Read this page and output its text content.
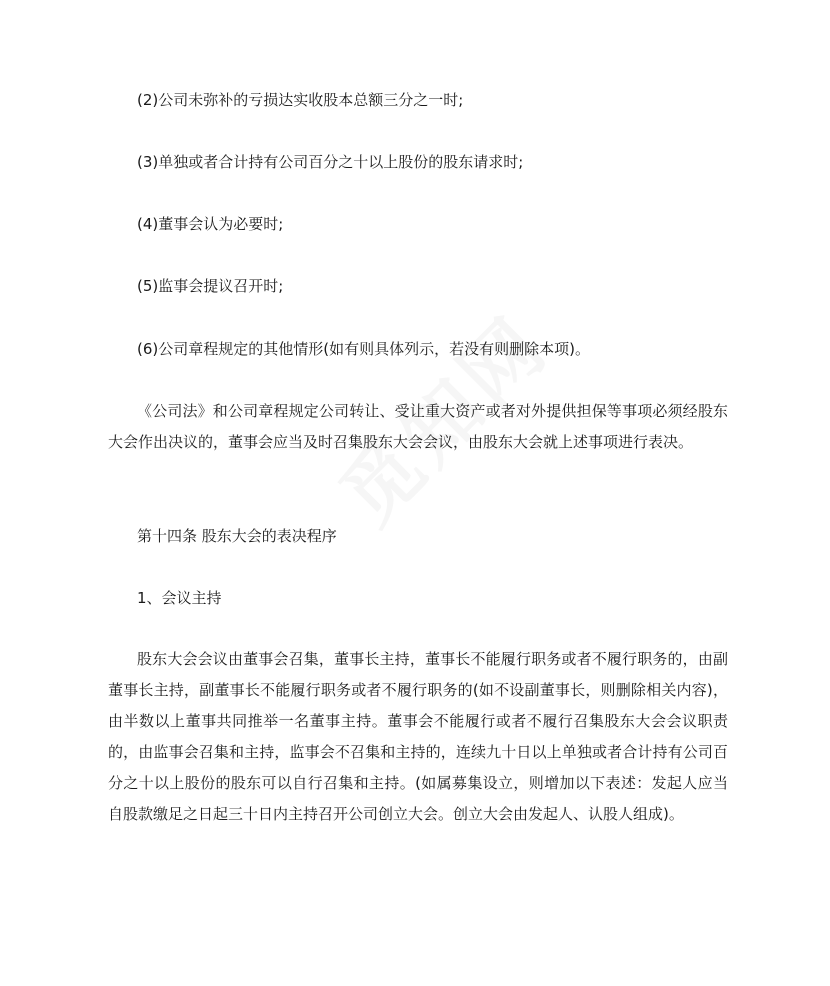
(2)公司未弥补的亏损达实收股本总额三分之一时;
(3)单独或者合计持有公司百分之十以上股份的股东请求时;
(4)董事会认为必要时;
(5)监事会提议召开时;
(6)公司章程规定的其他情形(如有则具体列示，若没有则删除本项)。

《公司法》和公司章程规定公司转让、受让重大资产或者对外提供担保等事项必须经股东大会作出决议的，董事会应当及时召集股东大会会议，由股东大会就上述事项进行表决。

第十四条 股东大会的表决程序
1、会议主持

股东大会会议由董事会召集，董事长主持，董事长不能履行职务或者不履行职务的，由副董事长主持，副董事长不能履行职务或者不履行职务的(如不设副董事长，则删除相关内容)，由半数以上董事共同推举一名董事主持。董事会不能履行或者不履行召集股东大会会议职责的，由监事会召集和主持，监事会不召集和主持的，连续九十日以上单独或者合计持有公司百分之十以上股份的股东可以自行召集和主持。(如属募集设立，则增加以下表述：发起人应当自股款缴足之日起三十日内主持召开公司创立大会。创立大会由发起人、认股人组成)。
